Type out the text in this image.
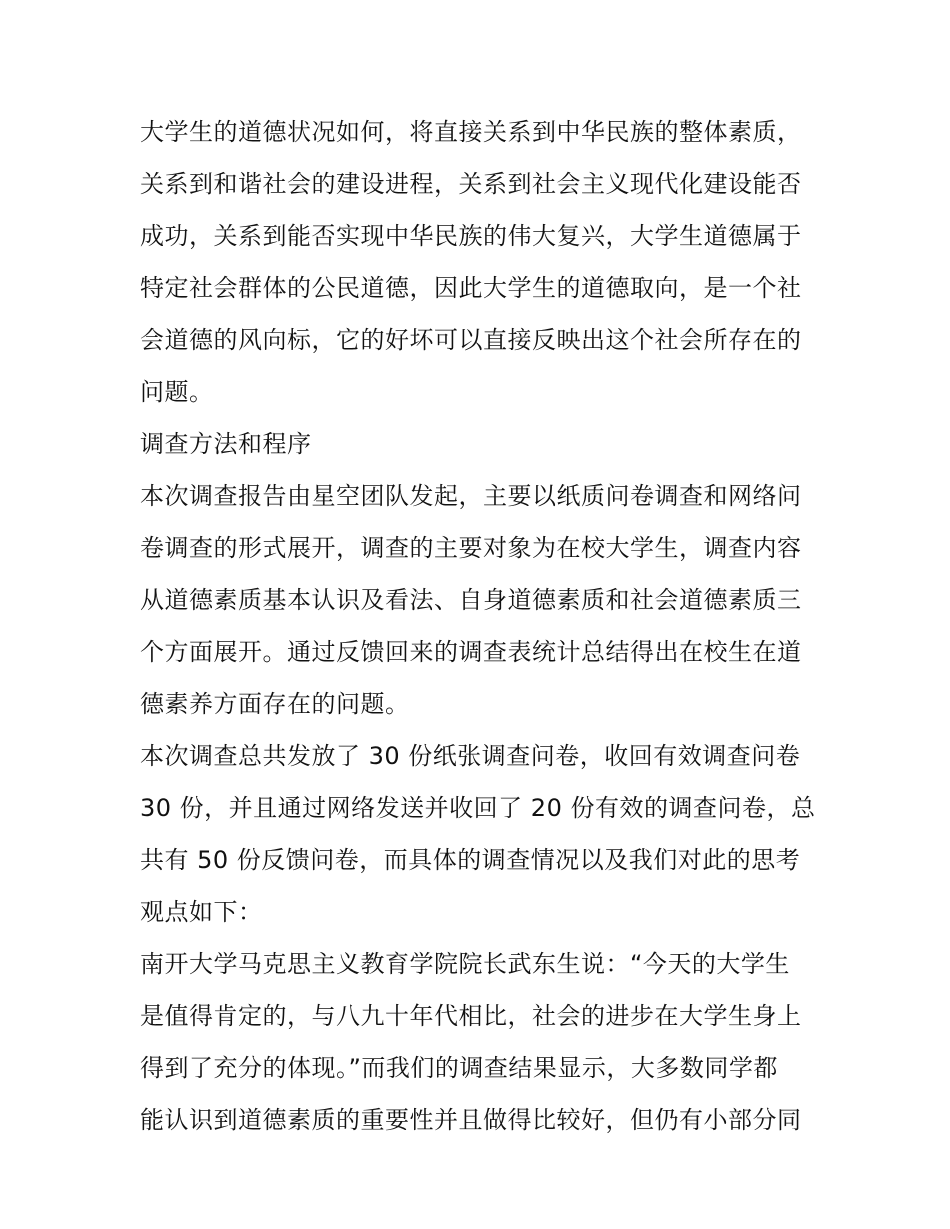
大学生的道德状况如何，将直接关系到中华民族的整体素质，
关系到和谐社会的建设进程，关系到社会主义现代化建设能否
成功，关系到能否实现中华民族的伟大复兴，大学生道德属于
特定社会群体的公民道德，因此大学生的道德取向，是一个社
会道德的风向标，它的好坏可以直接反映出这个社会所存在的
问题。
调查方法和程序
本次调查报告由星空团队发起，主要以纸质问卷调查和网络问
卷调查的形式展开，调查的主要对象为在校大学生，调查内容
从道德素质基本认识及看法、自身道德素质和社会道德素质三
个方面展开。通过反馈回来的调查表统计总结得出在校生在道
德素养方面存在的问题。
本次调查总共发放了 30 份纸张调查问卷，收回有效调查问卷
30 份，并且通过网络发送并收回了 20 份有效的调查问卷，总
共有 50 份反馈问卷，而具体的调查情况以及我们对此的思考
观点如下：
南开大学马克思主义教育学院院长武东生说：“今天的大学生
是值得肯定的，与八九十年代相比，社会的进步在大学生身上
得到了充分的体现。”而我们的调查结果显示，大多数同学都
能认识到道德素质的重要性并且做得比较好，但仍有小部分同
